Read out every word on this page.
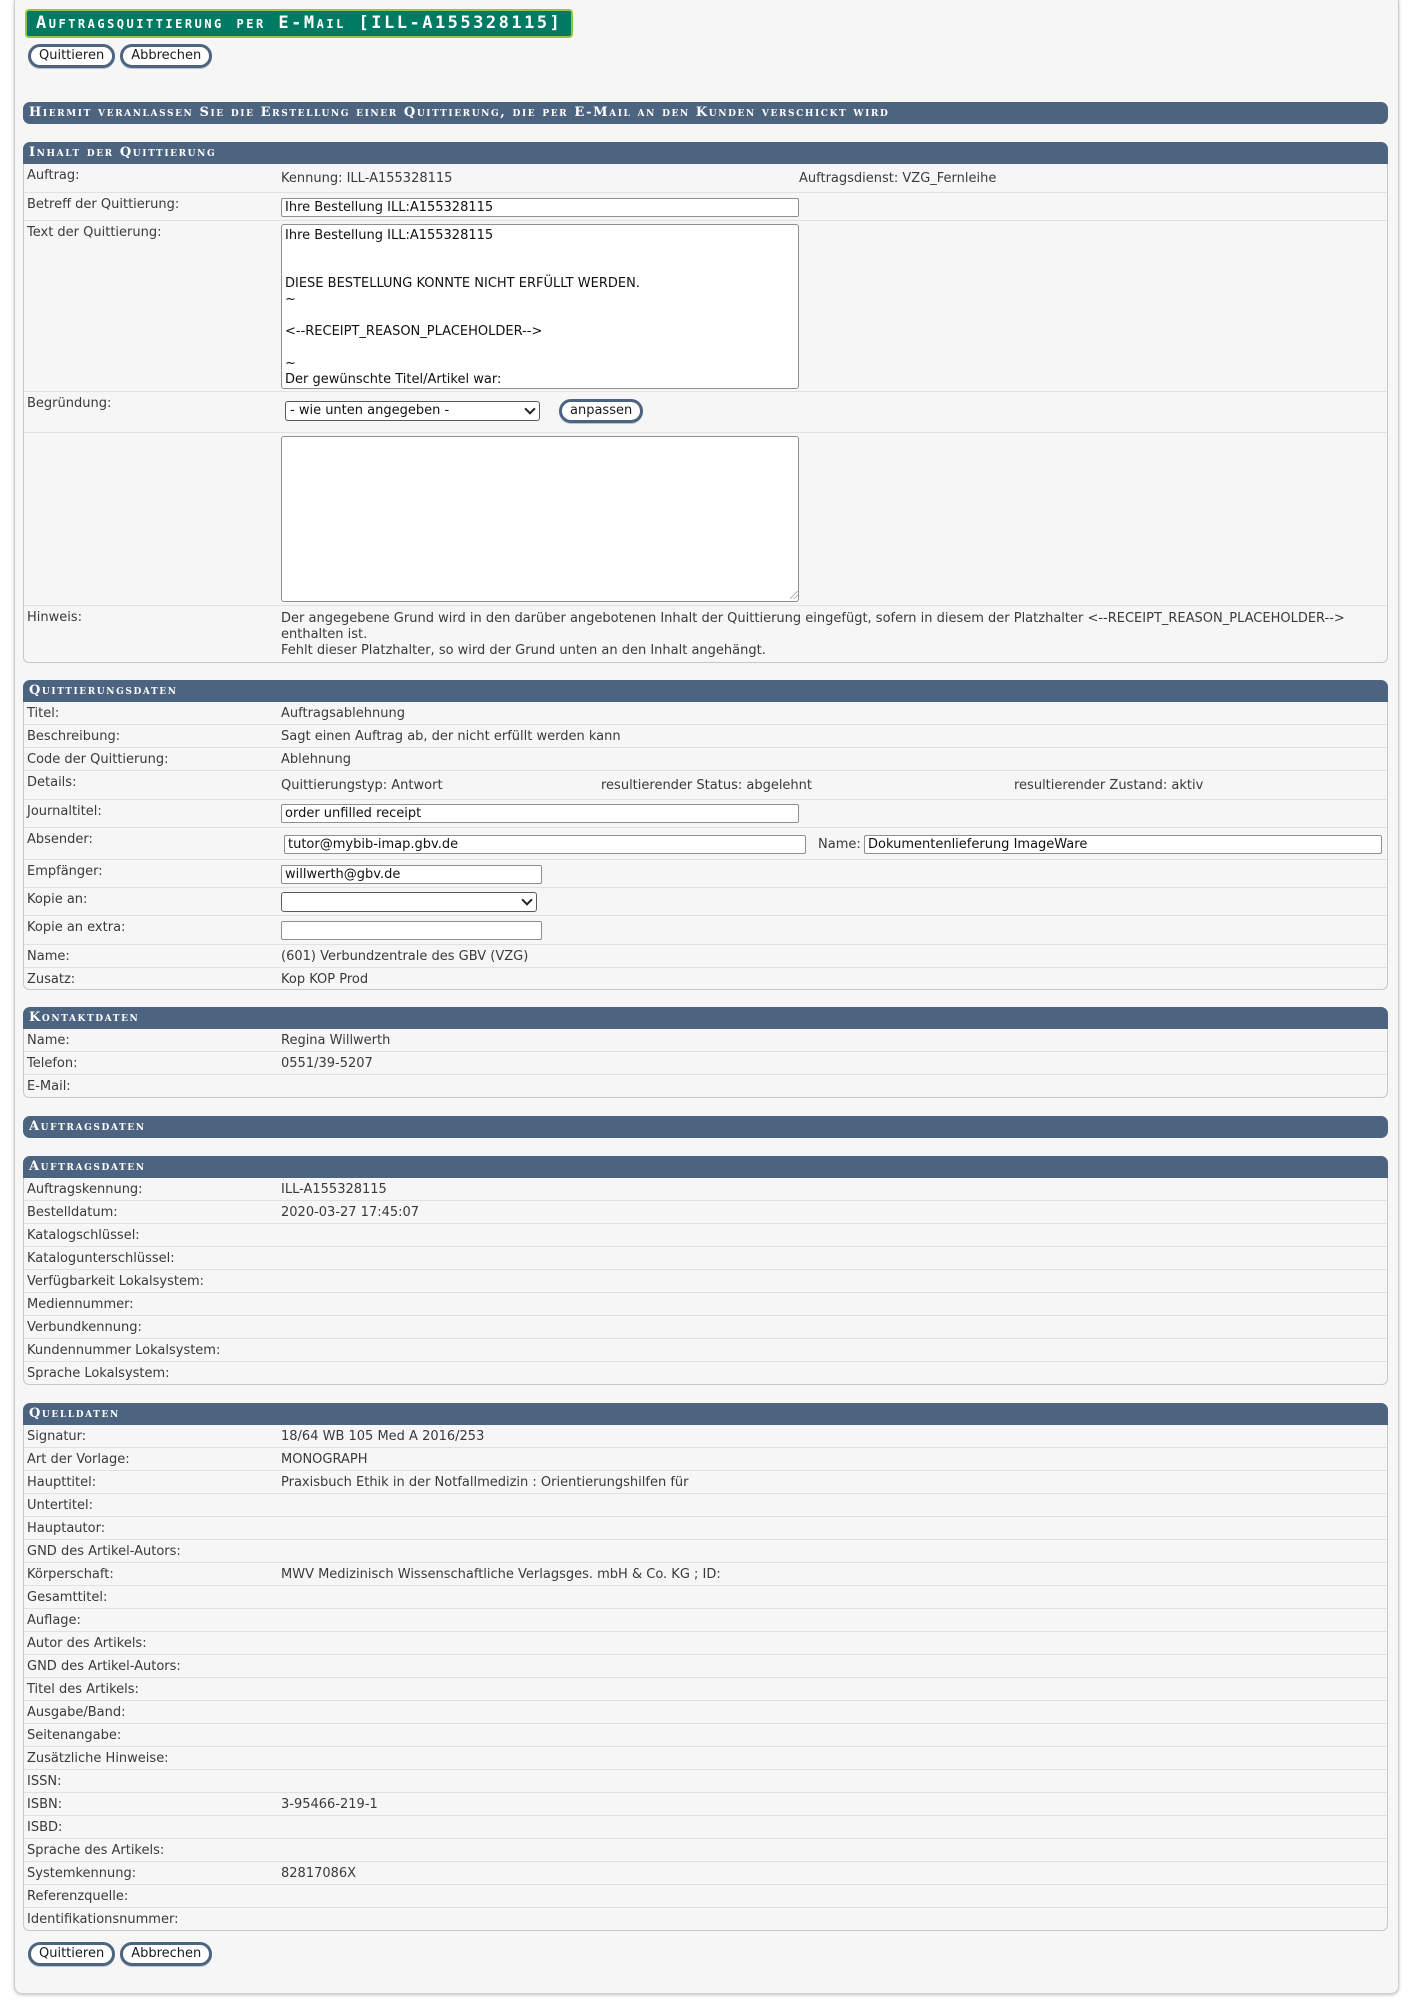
Auftragsquittierung per E-Mail [ILL-A155328115]
Quittieren	Abbrechen
Hiermit veranlassen Sie die Erstellung einer Quittierung, die per E-Mail an den Kunden verschickt wird
Inhalt der Quittierung
Auftrag:	Kennung: ILL-A155328115	Auftragsdienst: VZG_Fernleihe
Betreff der Quittierung:	Ihre Bestellung ILL:A155328115
Text der Quittierung:	Ihre Bestellung ILL:A155328115

DIESE BESTELLUNG KONNTE NICHT ERFÜLLT WERDEN.
~

<--RECEIPT_REASON_PLACEHOLDER-->

~
Der gewünschte Titel/Artikel war:
Begründung:	- wie unten angegeben -	anpassen
Hinweis:	Der angegebene Grund wird in den darüber angebotenen Inhalt der Quittierung eingefügt, sofern in diesem der Platzhalter <--RECEIPT_REASON_PLACEHOLDER-->
enthalten ist.
Fehlt dieser Platzhalter, so wird der Grund unten an den Inhalt angehängt.
Quittierungsdaten
Titel:	Auftragsablehnung
Beschreibung:	Sagt einen Auftrag ab, der nicht erfüllt werden kann
Code der Quittierung:	Ablehnung
Details:	Quittierungstyp: Antwort	resultierender Status: abgelehnt	resultierender Zustand: aktiv
Journaltitel:	order unfilled receipt
Absender:	tutor@mybib-imap.gbv.de	Name: Dokumentenlieferung ImageWare
Empfänger:	willwerth@gbv.de
Kopie an:
Kopie an extra:
Name:	(601) Verbundzentrale des GBV (VZG)
Zusatz:	Kop KOP Prod
Kontaktdaten
Name:	Regina Willwerth
Telefon:	0551/39-5207
E-Mail:
Auftragsdaten
Auftragsdaten
Auftragskennung:	ILL-A155328115
Bestelldatum:	2020-03-27 17:45:07
Katalogschlüssel:
Katalogunterschlüssel:
Verfügbarkeit Lokalsystem:
Mediennummer:
Verbundkennung:
Kundennummer Lokalsystem:
Sprache Lokalsystem:
Quelldaten
Signatur:	18/64 WB 105 Med A 2016/253
Art der Vorlage:	MONOGRAPH
Haupttitel:	Praxisbuch Ethik in der Notfallmedizin : Orientierungshilfen für
Untertitel:
Hauptautor:
GND des Artikel-Autors:
Körperschaft:	MWV Medizinisch Wissenschaftliche Verlagsges. mbH & Co. KG ; ID:
Gesamttitel:
Auflage:
Autor des Artikels:
GND des Artikel-Autors:
Titel des Artikels:
Ausgabe/Band:
Seitenangabe:
Zusätzliche Hinweise:
ISSN:
ISBN:	3-95466-219-1
ISBD:
Sprache des Artikels:
Systemkennung:	82817086X
Referenzquelle:
Identifikationsnummer:
Quittieren	Abbrechen
